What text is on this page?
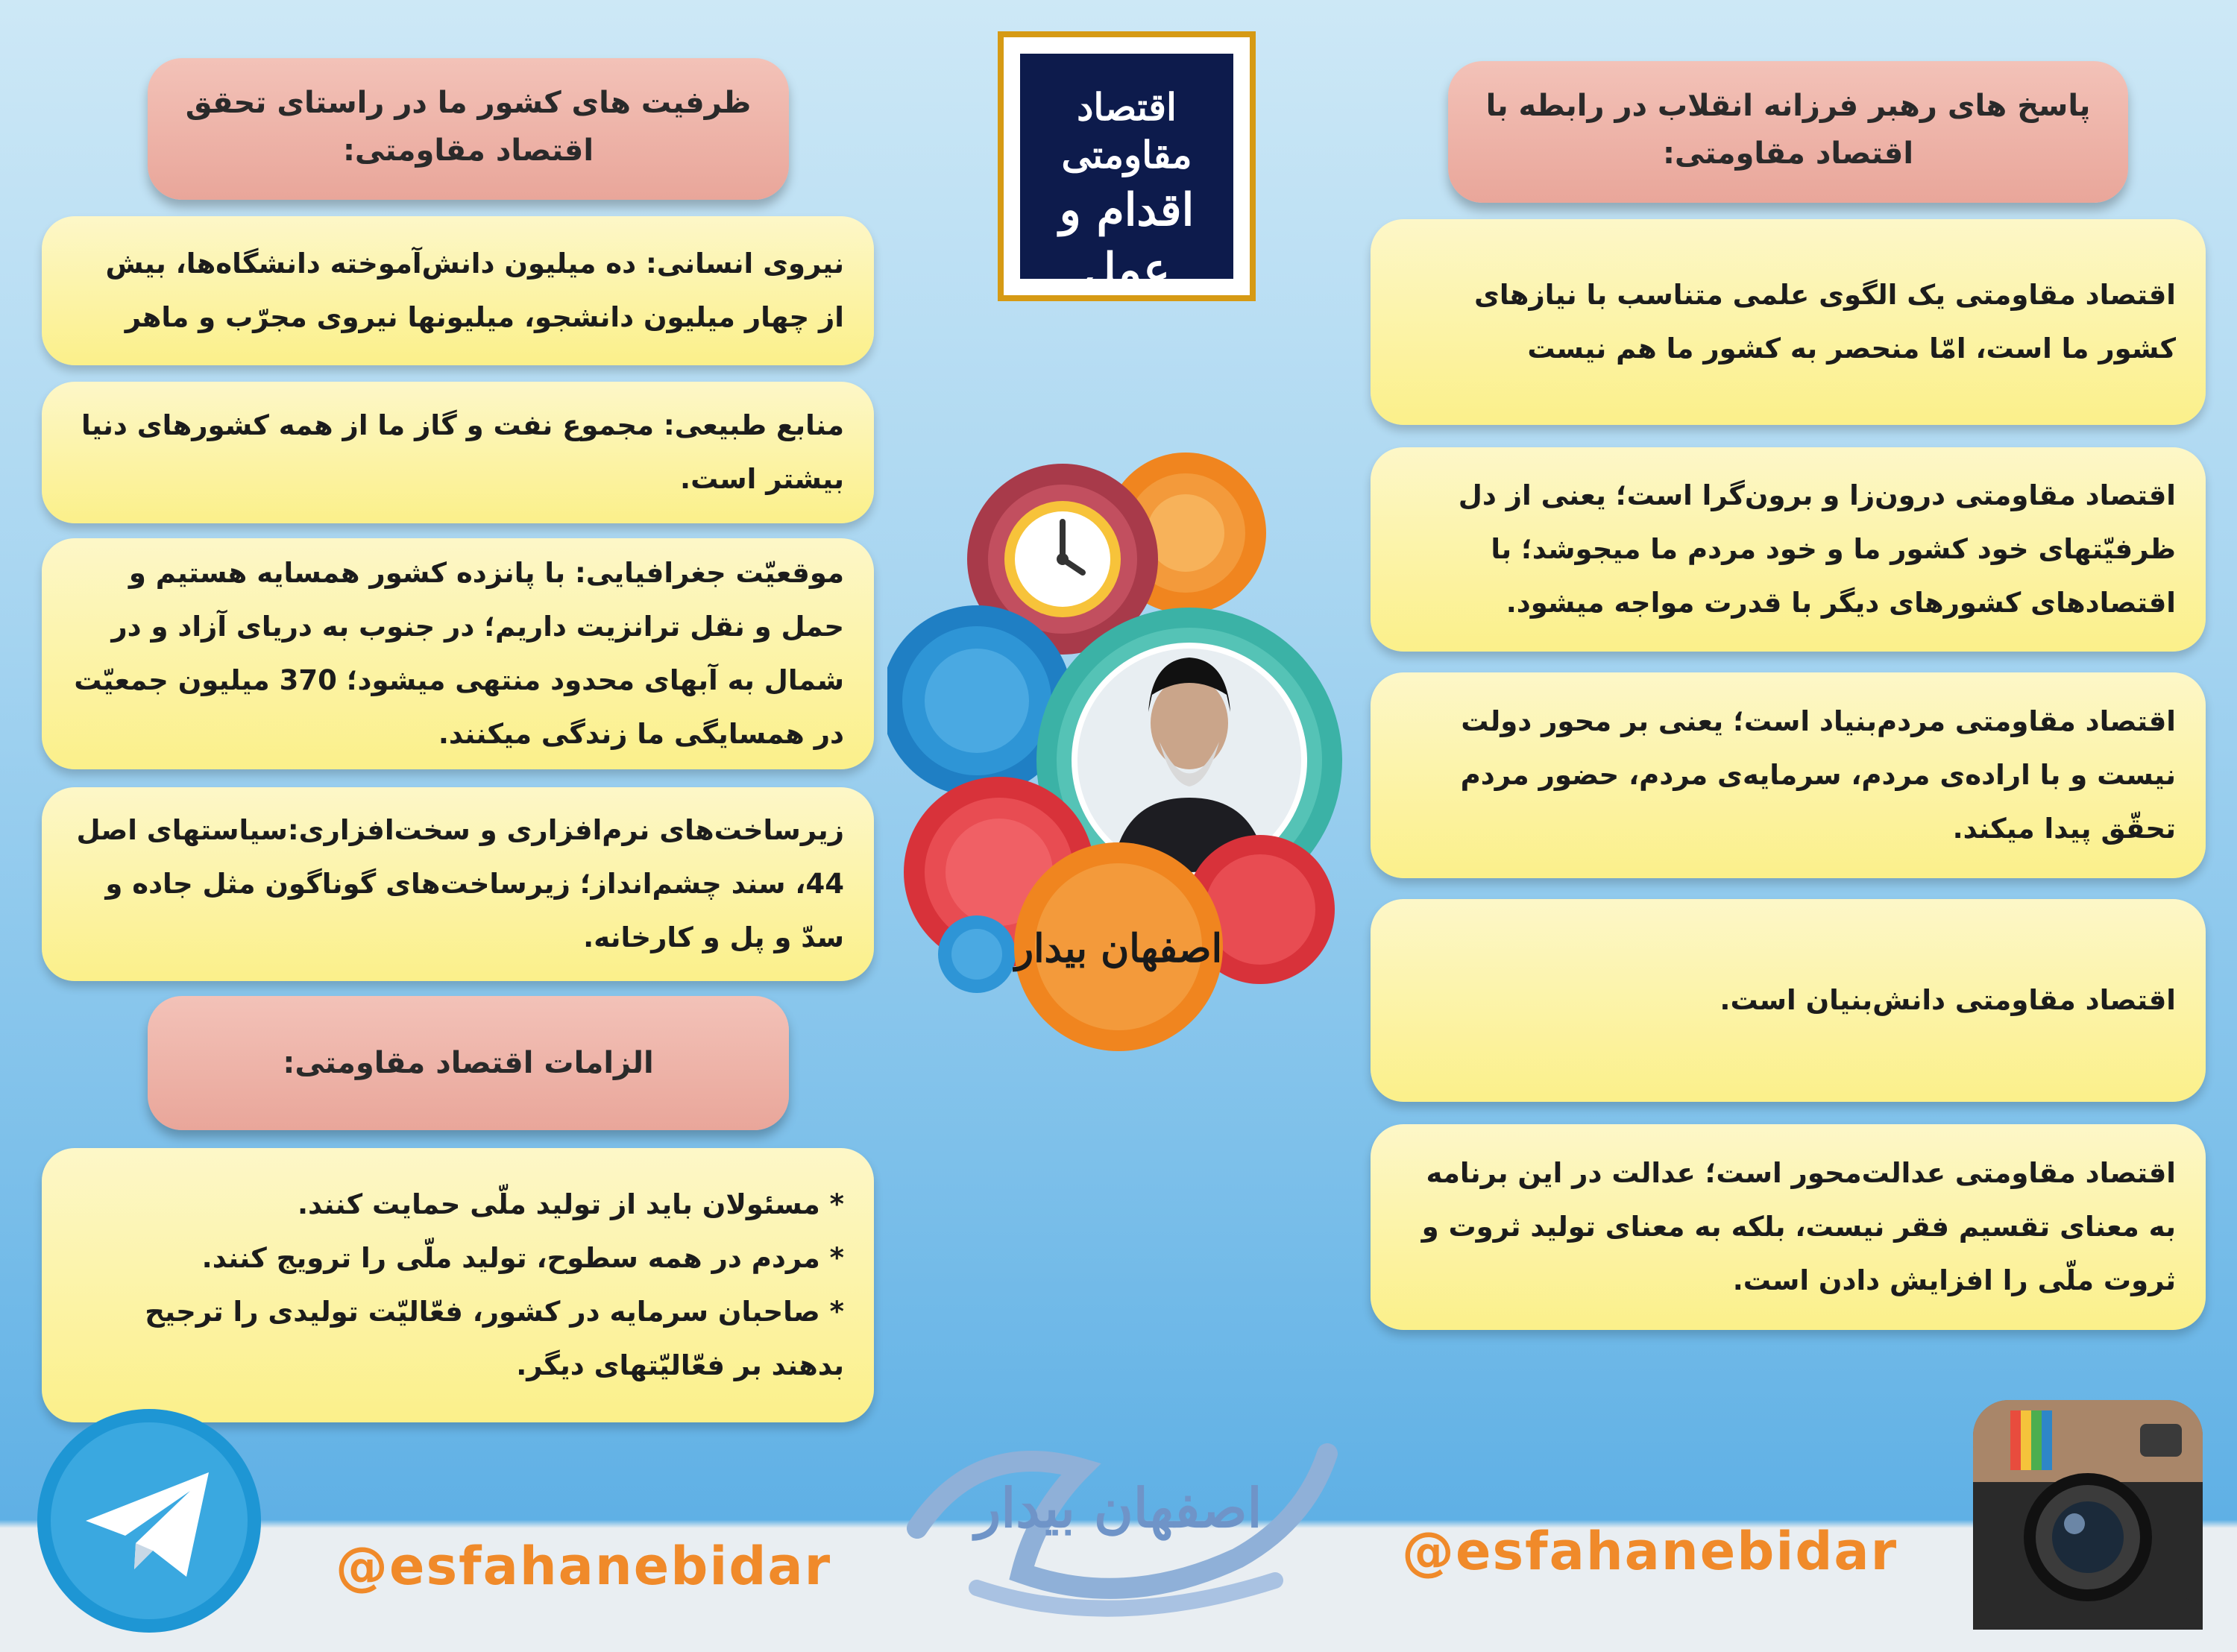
ظرفیت های کشور ما در راستای تحقق اقتصاد مقاومتی:
نیروی انسانی: ده میلیون دانش‌آموخته دانشگاه‌ها، بیش از چهار میلیون دانشجو، میلیونها نیروی مجرّب و ماهر
منابع طبیعی: مجموع نفت و گاز ما از همه کشورهای دنیا بیشتر است.
موقعیّت جغرافیایی: با پانزده کشور همسایه هستیم و حمل و نقل ترانزیت داریم؛ در جنوب به دریای آزاد و در شمال به آبهای محدود منتهی میشود؛ 370 میلیون جمعیّت در همسایگی ما زندگی میکنند.
زیرساخت‌های نرم‌افزاری و سخت‌افزاری:سیاستهای اصل 44، سند چشم‌انداز؛ زیرساخت‌های گوناگون مثل جاده و سدّ و پل و کارخانه.
الزامات اقتصاد مقاومتی:
* مسئولان باید از تولید ملّی حمایت کنند.
* مردم در همه سطوح، تولید ملّی را ترویج کنند.
* صاحبان سرمایه در کشور، فعّالیّت تولیدی را ترجیح بدهند بر فعّالیّتهای دیگر.
پاسخ های رهبر فرزانه انقلاب در رابطه با اقتصاد مقاومتی:
اقتصاد مقاومتی یک الگوی علمی متناسب با نیازهای کشور ما است، امّا منحصر به کشور ما هم نیست
اقتصاد مقاومتی درون‌زا و برون‌گرا است؛ یعنی از دل ظرفیّتهای خود کشور ما و خود مردم ما میجوشد؛ با اقتصادهای کشورهای دیگر با قدرت مواجه میشود.
اقتصاد مقاومتی مردم‌بنیاد است؛ یعنی بر محور دولت نیست و با اراده‌ی مردم، سرمایه‌ی مردم، حضور مردم تحقّق پیدا میکند.
اقتصاد مقاومتی دانش‌بنیان است.
اقتصاد مقاومتی عدالت‌محور است؛ عدالت در این برنامه به معنای تقسیم فقر نیست، بلکه به معنای تولید ثروت و ثروت ملّی را افزایش دادن است.
اقتصاد مقاومتی
اقدام و عمل
اصفهان بیدار
@esfahanebidar
اصفهان بیدار
@esfahanebidar
